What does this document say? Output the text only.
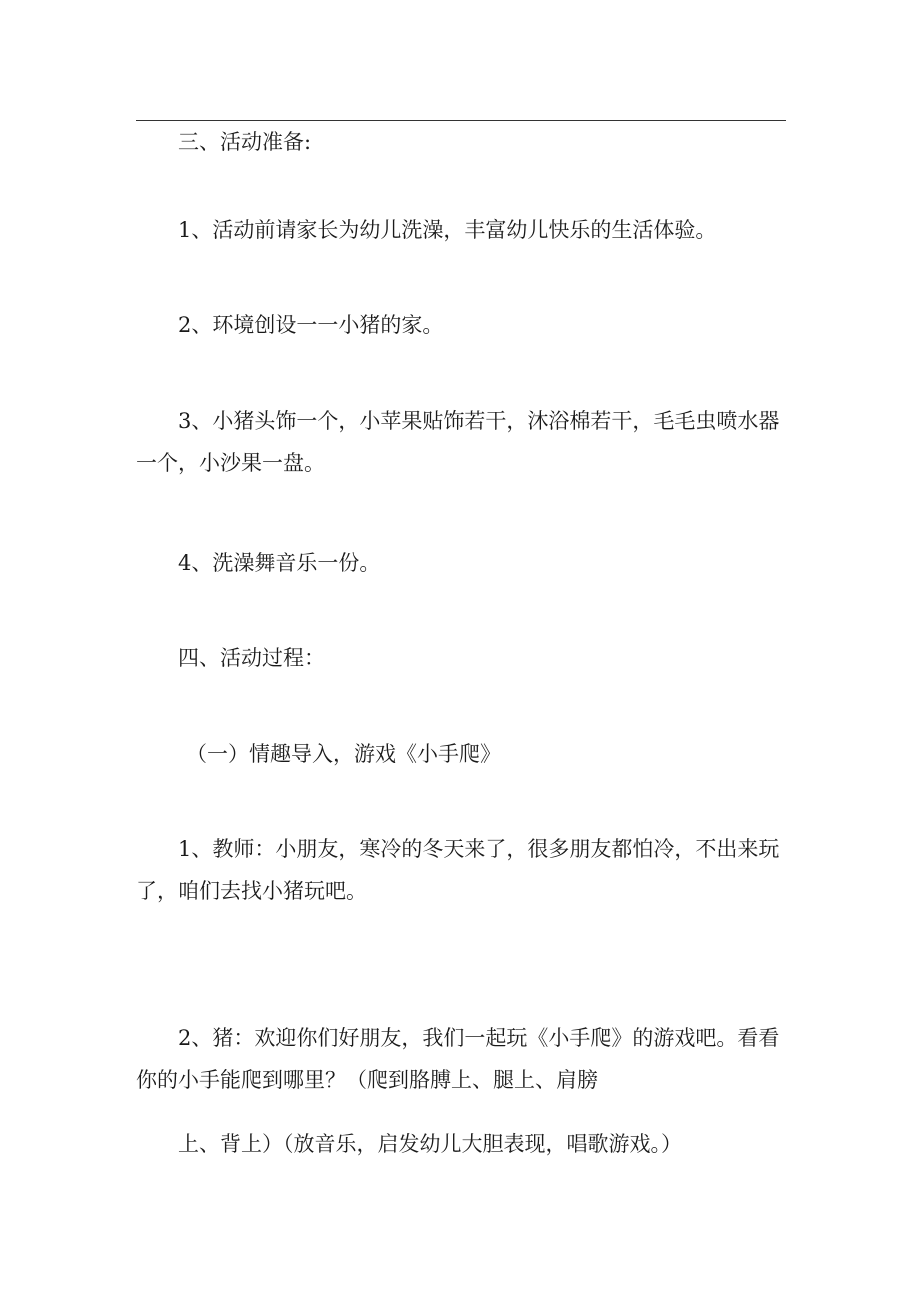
三、活动准备:

1、活动前请家长为幼儿洗澡，丰富幼儿快乐的生活体验。

2、环境创设一一小猪的家。

3、小猪头饰一个，小苹果贴饰若干，沐浴棉若干，毛毛虫喷水器一个，小沙果一盘。

4、洗澡舞音乐一份。

四、活动过程：

（一）情趣导入，游戏《小手爬》

1、教师：小朋友，寒冷的冬天来了，很多朋友都怕冷，不出来玩了，咱们去找小猪玩吧。

2、猪：欢迎你们好朋友，我们一起玩《小手爬》的游戏吧。看看你的小手能爬到哪里？（爬到胳膊上、腿上、肩膀

上、背上）（放音乐，启发幼儿大胆表现，唱歌游戏。）
